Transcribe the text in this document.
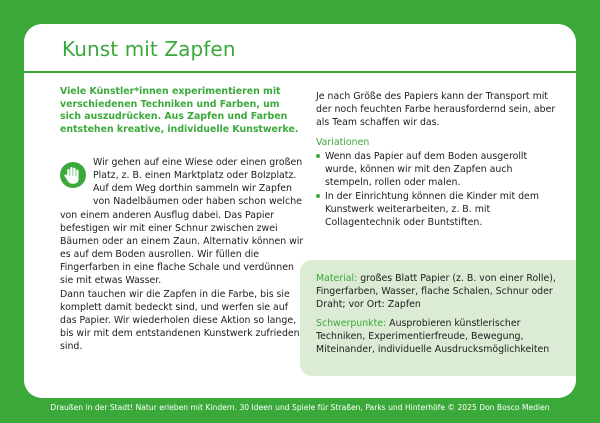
Kunst mit Zapfen

Viele Künstler*innen experimentieren mit verschiedenen Techniken und Farben, um sich auszudrücken. Aus Zapfen und Farben entstehen kreative, individuelle Kunstwerke.

Wir gehen auf eine Wiese oder einen großen Platz, z. B. einen Marktplatz oder Bolzplatz. Auf dem Weg dorthin sammeln wir Zapfen von Nadelbäumen oder haben schon welche von einem anderen Ausflug dabei. Das Papier befestigen wir mit einer Schnur zwischen zwei Bäumen oder an einem Zaun. Alternativ können wir es auf dem Boden ausrollen. Wir füllen die Fingerfarben in eine flache Schale und verdünnen sie mit etwas Wasser.
Dann tauchen wir die Zapfen in die Farbe, bis sie komplett damit bedeckt sind, und werfen sie auf das Papier. Wir wiederholen diese Aktion so lange, bis wir mit dem entstandenen Kunstwerk zufrieden sind.

Je nach Größe des Papiers kann der Transport mit der noch feuchten Farbe herausfordernd sein, aber als Team schaffen wir das.

Variationen

Wenn das Papier auf dem Boden ausgerollt wurde, können wir mit den Zapfen auch stempeln, rollen oder malen.
In der Einrichtung können die Kinder mit dem Kunstwerk weiterarbeiten, z. B. mit Collagentechnik oder Buntstiften.
Material: großes Blatt Papier (z. B. von einer Rolle), Fingerfarben, Wasser, flache Schalen, Schnur oder Draht; vor Ort: Zapfen
Schwerpunkte: Ausprobieren künstlerischer Techniken, Experimentierfreude, Bewegung, Miteinander, individuelle Ausdrucksmöglichkeiten

Draußen in der Stadt! Natur erleben mit Kindern. 30 Ideen und Spiele für Straßen, Parks und Hinterhöfe © 2025 Don Bosco Medien
